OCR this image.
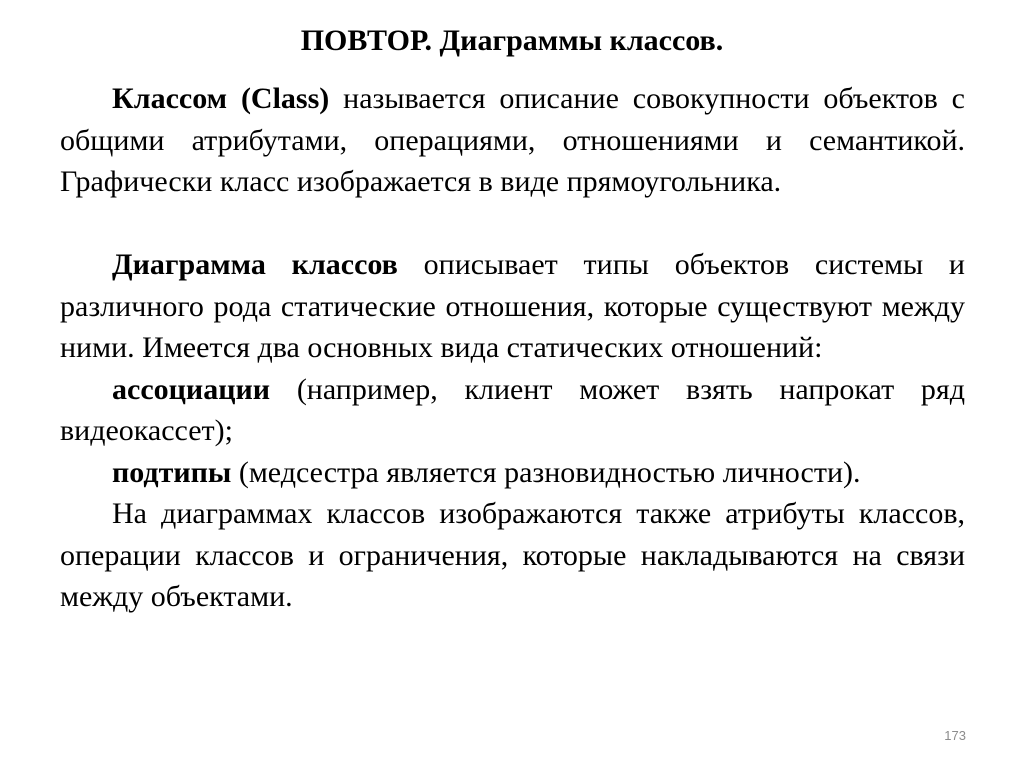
ПОВТОР. Диаграммы классов.

Классом (Class) называется описание совокупности объектов с общими атрибутами, операциями, отношениями и семантикой. Графически класс изображается в виде прямоугольника.

Диаграмма классов описывает типы объектов системы и различного рода статические отношения, которые существуют между ними. Имеется два основных вида статических отношений:

ассоциации (например, клиент может взять напрокат ряд видеокассет);

подтипы (медсестра является разновидностью личности).

На диаграммах классов изображаются также атрибуты классов, операции классов и ограничения, которые накладываются на связи между объектами.

173
